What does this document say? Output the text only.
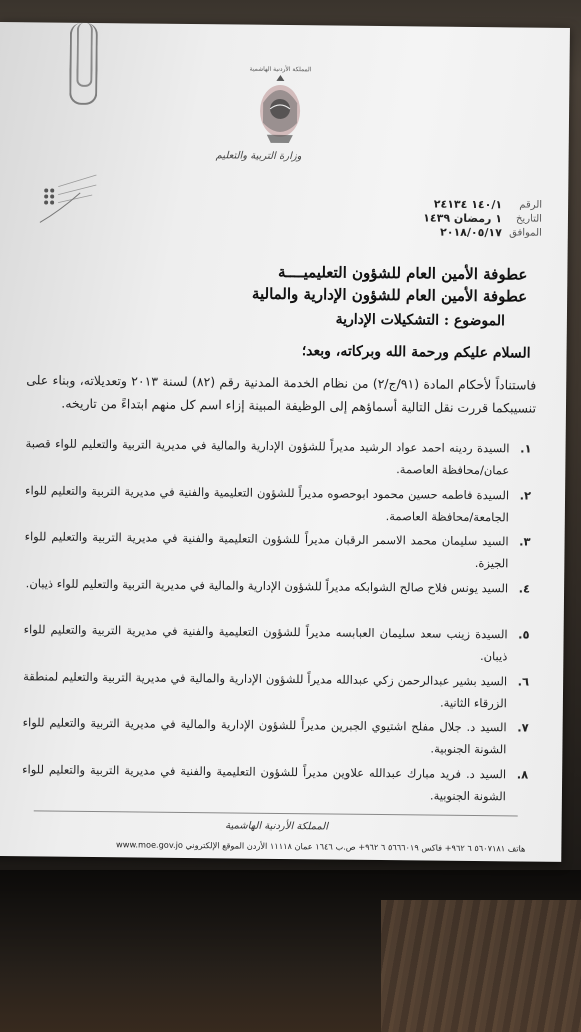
المملكة الأردنية الهاشمية
وزارة التربية والتعليم
الرقم
١٤٠/١ ٢٤١٣٤
التاريخ
١ رمضان ١٤٣٩
الموافق
٢٠١٨/٠٥/١٧
عطوفة الأمين العام للشؤون التعليميــــة
عطوفة الأمين العام للشؤون الإدارية والمالية
الموضوع : التشكيلات الإدارية
السلام عليكم ورحمة الله وبركاته، وبعد؛
فاستناداً لأحكام المادة (٩١/ج/٢) من نظام الخدمة المدنية رقم (٨٢) لسنة ٢٠١٣ وتعديلاته، وبناء على تنسيبكما قررت نقل التالية أسماؤهم إلى الوظيفة المبينة إزاء اسم كل منهم ابتداءً من تاريخه.
١.
السيدة ردينه احمد عواد الرشيد مديراً للشؤون الإدارية والمالية في مديرية التربية والتعليم للواء قصبة عمان/محافظة العاصمة.
٢.
السيدة فاطمه حسين محمود ابوحصوه مديراً للشؤون التعليمية والفنية في مديرية التربية والتعليم للواء الجامعة/محافظة العاصمة.
٣.
السيد سليمان محمد الاسمر الرقبان مديراً للشؤون التعليمية والفنية في مديرية التربية والتعليم للواء الجيزة.
٤.
السيد يونس فلاح صالح الشوابكه مديراً للشؤون الإدارية والمالية في مديرية التربية والتعليم للواء ذيبان.
٥.
السيدة زينب سعد سليمان العبابسه مديراً للشؤون التعليمية والفنية في مديرية التربية والتعليم للواء ذيبان.
٦.
السيد بشير عبدالرحمن زكي عبدالله مديراً للشؤون الإدارية والمالية في مديرية التربية والتعليم لمنطقة الزرقاء الثانية.
٧.
السيد د. جلال مفلح اشتيوي الجبرين مديراً للشؤون الإدارية والمالية في مديرية التربية والتعليم للواء الشونة الجنوبية.
٨.
السيد د. فريد مبارك عبدالله علاوين مديراً للشؤون التعليمية والفنية في مديرية التربية والتعليم للواء الشونة الجنوبية.
المملكة الأردنية الهاشمية
هاتف ٥٦٠٧١٨١ ٦ ٩٦٢+ فاكس ٥٦٦٦٠١٩ ٦ ٩٦٢+ ص.ب ١٦٤٦ عمان ١١١١٨ الأردن الموقع الإلكتروني www.moe.gov.jo
